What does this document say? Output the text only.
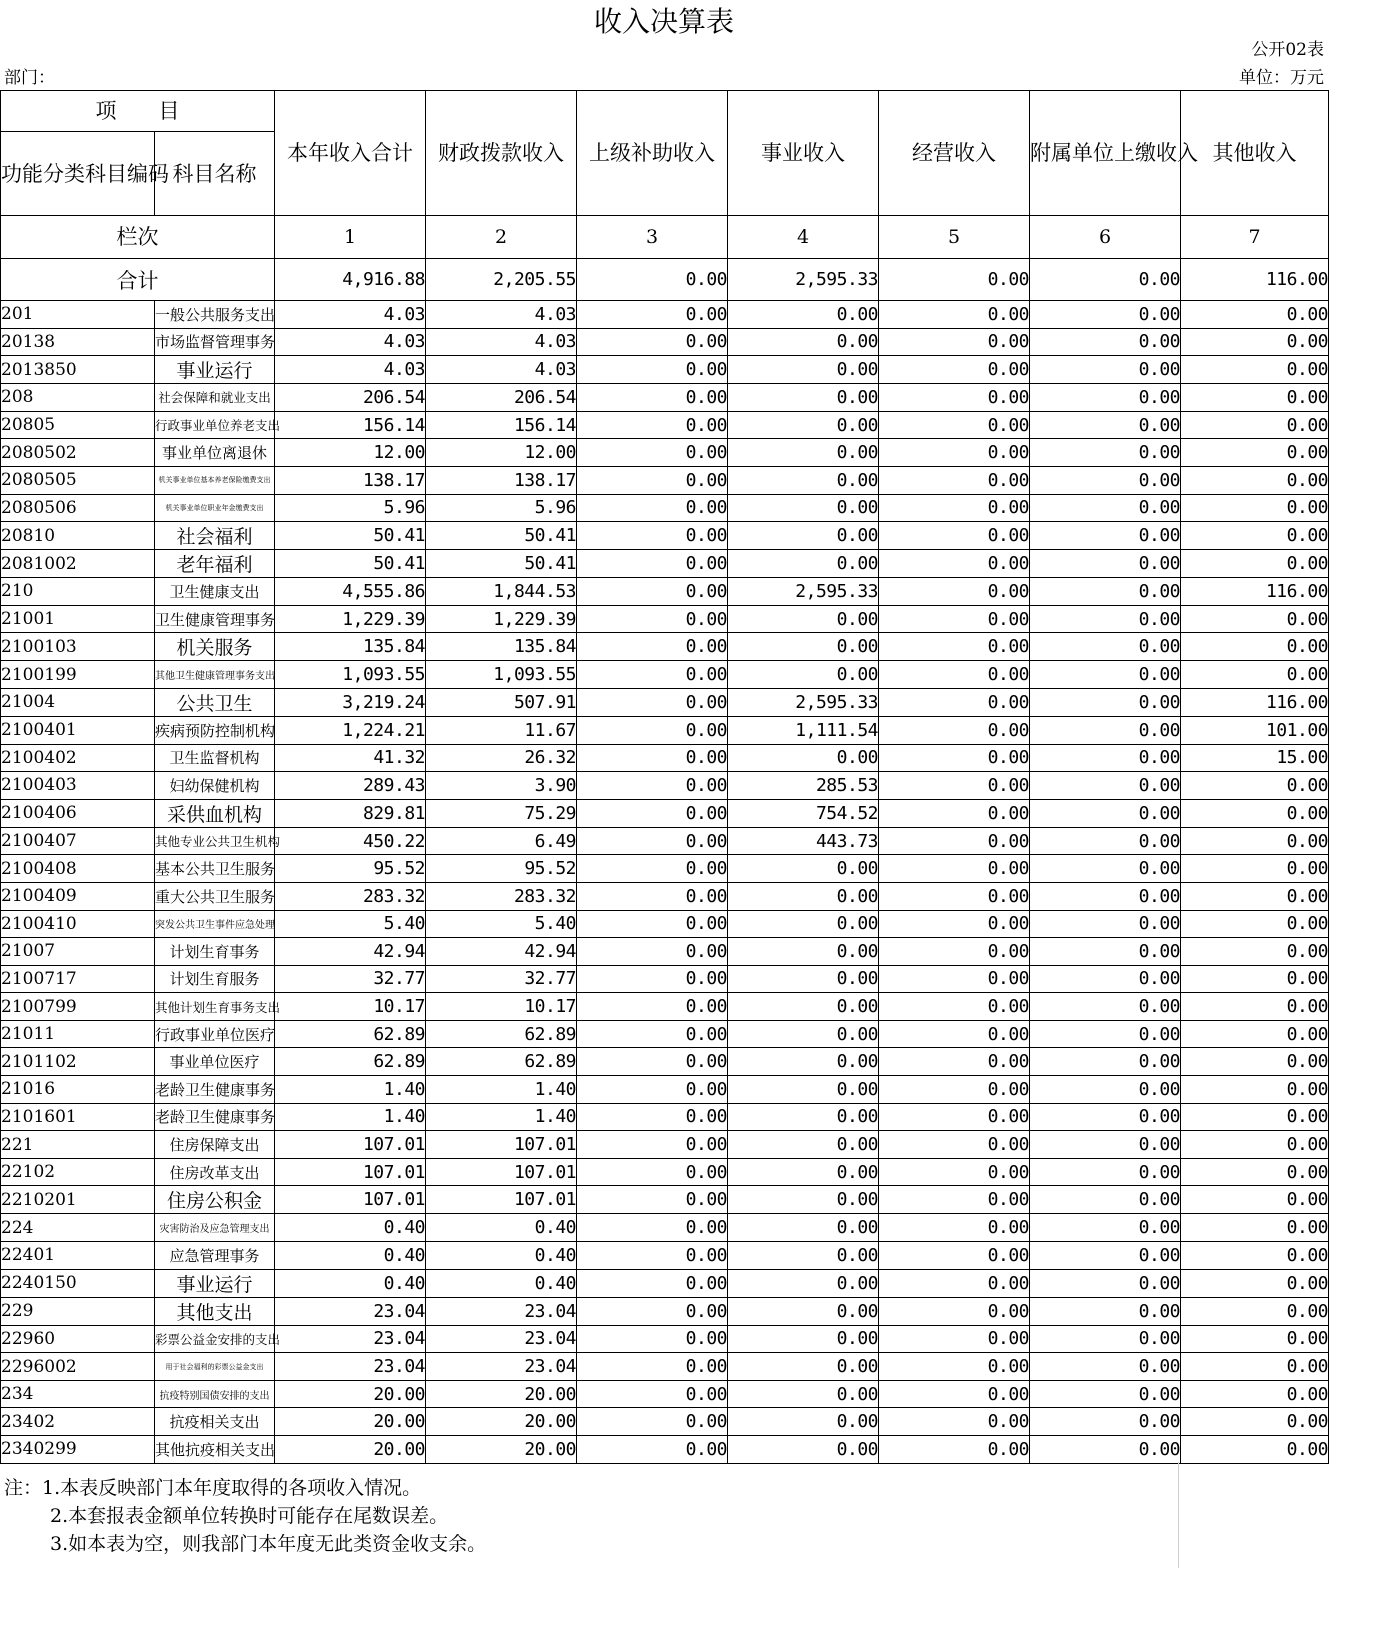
收入决算表
公开02表
部门：	单位：万元
项　　目		本年收入合计	财政拨款收入	上级补助收入	事业收入	经营收入	附属单位上缴收入	其他收入
功能分类科目编码	科目名称							
栏次		1	2	3	4	5	6	7
合计		4,916.88	2,205.55	0.00	2,595.33	0.00	0.00	116.00
201	一般公共服务支出	4.03	4.03	0.00	0.00	0.00	0.00	0.00
20138	市场监督管理事务	4.03	4.03	0.00	0.00	0.00	0.00	0.00
2013850	事业运行	4.03	4.03	0.00	0.00	0.00	0.00	0.00
208	社会保障和就业支出	206.54	206.54	0.00	0.00	0.00	0.00	0.00
20805	行政事业单位养老支出	156.14	156.14	0.00	0.00	0.00	0.00	0.00
2080502	事业单位离退休	12.00	12.00	0.00	0.00	0.00	0.00	0.00
2080505	机关事业单位基本养老保险缴费支出	138.17	138.17	0.00	0.00	0.00	0.00	0.00
2080506	机关事业单位职业年金缴费支出	5.96	5.96	0.00	0.00	0.00	0.00	0.00
20810	社会福利	50.41	50.41	0.00	0.00	0.00	0.00	0.00
2081002	老年福利	50.41	50.41	0.00	0.00	0.00	0.00	0.00
210	卫生健康支出	4,555.86	1,844.53	0.00	2,595.33	0.00	0.00	116.00
21001	卫生健康管理事务	1,229.39	1,229.39	0.00	0.00	0.00	0.00	0.00
2100103	机关服务	135.84	135.84	0.00	0.00	0.00	0.00	0.00
2100199	其他卫生健康管理事务支出	1,093.55	1,093.55	0.00	0.00	0.00	0.00	0.00
21004	公共卫生	3,219.24	507.91	0.00	2,595.33	0.00	0.00	116.00
2100401	疾病预防控制机构	1,224.21	11.67	0.00	1,111.54	0.00	0.00	101.00
2100402	卫生监督机构	41.32	26.32	0.00	0.00	0.00	0.00	15.00
2100403	妇幼保健机构	289.43	3.90	0.00	285.53	0.00	0.00	0.00
2100406	采供血机构	829.81	75.29	0.00	754.52	0.00	0.00	0.00
2100407	其他专业公共卫生机构	450.22	6.49	0.00	443.73	0.00	0.00	0.00
2100408	基本公共卫生服务	95.52	95.52	0.00	0.00	0.00	0.00	0.00
2100409	重大公共卫生服务	283.32	283.32	0.00	0.00	0.00	0.00	0.00
2100410	突发公共卫生事件应急处理	5.40	5.40	0.00	0.00	0.00	0.00	0.00
21007	计划生育事务	42.94	42.94	0.00	0.00	0.00	0.00	0.00
2100717	计划生育服务	32.77	32.77	0.00	0.00	0.00	0.00	0.00
2100799	其他计划生育事务支出	10.17	10.17	0.00	0.00	0.00	0.00	0.00
21011	行政事业单位医疗	62.89	62.89	0.00	0.00	0.00	0.00	0.00
2101102	事业单位医疗	62.89	62.89	0.00	0.00	0.00	0.00	0.00
21016	老龄卫生健康事务	1.40	1.40	0.00	0.00	0.00	0.00	0.00
2101601	老龄卫生健康事务	1.40	1.40	0.00	0.00	0.00	0.00	0.00
221	住房保障支出	107.01	107.01	0.00	0.00	0.00	0.00	0.00
22102	住房改革支出	107.01	107.01	0.00	0.00	0.00	0.00	0.00
2210201	住房公积金	107.01	107.01	0.00	0.00	0.00	0.00	0.00
224	灾害防治及应急管理支出	0.40	0.40	0.00	0.00	0.00	0.00	0.00
22401	应急管理事务	0.40	0.40	0.00	0.00	0.00	0.00	0.00
2240150	事业运行	0.40	0.40	0.00	0.00	0.00	0.00	0.00
229	其他支出	23.04	23.04	0.00	0.00	0.00	0.00	0.00
22960	彩票公益金安排的支出	23.04	23.04	0.00	0.00	0.00	0.00	0.00
2296002	用于社会福利的彩票公益金支出	23.04	23.04	0.00	0.00	0.00	0.00	0.00
234	抗疫特别国债安排的支出	20.00	20.00	0.00	0.00	0.00	0.00	0.00
23402	抗疫相关支出	20.00	20.00	0.00	0.00	0.00	0.00	0.00
2340299	其他抗疫相关支出	20.00	20.00	0.00	0.00	0.00	0.00	0.00
注：1.本表反映部门本年度取得的各项收入情况。
2.本套报表金额单位转换时可能存在尾数误差。
3.如本表为空，则我部门本年度无此类资金收支余。
